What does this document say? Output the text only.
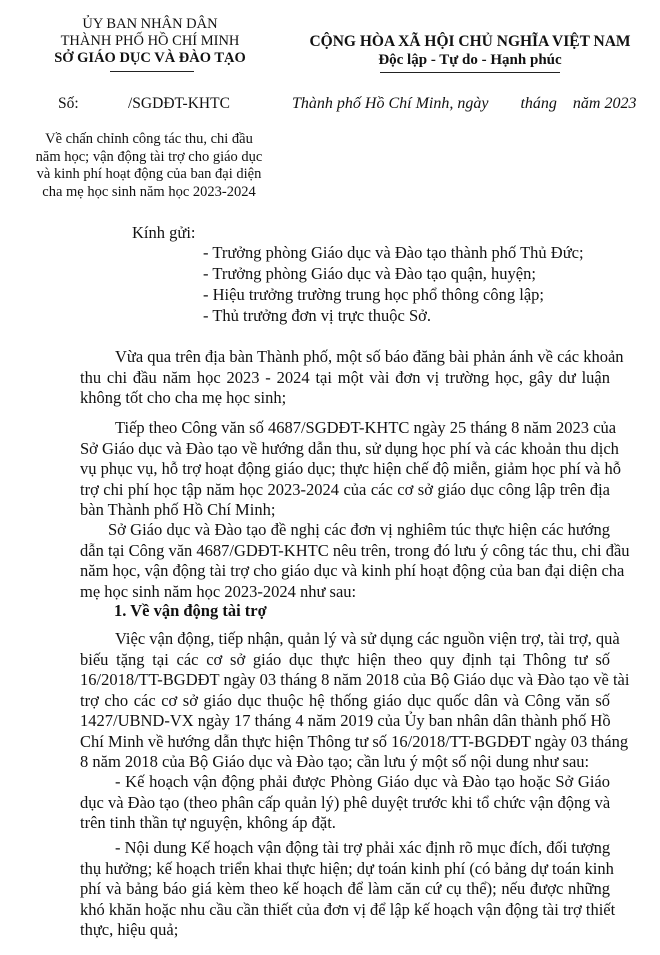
ỦY BAN NHÂN DÂN
THÀNH PHỐ HỒ CHÍ MINH
SỞ GIÁO DỤC VÀ ĐÀO TẠO
CỘNG HÒA XÃ HỘI CHỦ NGHĨA VIỆT NAM
Độc lập - Tự do - Hạnh phúc
Số:	/SGDĐT-KHTC	Thành phố Hồ Chí Minh, ngày        tháng    năm 2023
Về chấn chỉnh công tác thu, chi đầu
năm học; vận động tài trợ cho giáo dục
và kinh phí hoạt động của ban đại diện
cha mẹ học sinh năm học 2023-2024
Kính gửi:
- Trưởng phòng Giáo dục và Đào tạo thành phố Thủ Đức;
- Trưởng phòng Giáo dục và Đào tạo quận, huyện;
- Hiệu trưởng trường trung học phổ thông công lập;
- Thủ trưởng đơn vị trực thuộc Sở.
Vừa qua trên địa bàn Thành phố, một số báo đăng bài phản ánh về các khoản
thu chi đầu năm học 2023 - 2024 tại một vài đơn vị trường học, gây dư luận
không tốt cho cha mẹ học sinh;
Tiếp theo Công văn số 4687/SGDĐT-KHTC ngày 25 tháng 8 năm 2023 của
Sở Giáo dục và Đào tạo về hướng dẫn thu, sử dụng học phí và các khoản thu dịch
vụ phục vụ, hỗ trợ hoạt động giáo dục; thực hiện chế độ miễn, giảm học phí và hỗ
trợ chi phí học tập năm học 2023-2024 của các cơ sở giáo dục công lập trên địa
bàn Thành phố Hồ Chí Minh;
Sở Giáo dục và Đào tạo đề nghị các đơn vị nghiêm túc thực hiện các hướng
dẫn tại Công văn 4687/GDĐT-KHTC nêu trên, trong đó lưu ý công tác thu, chi đầu
năm học, vận động tài trợ cho giáo dục và kinh phí hoạt động của ban đại diện cha
mẹ học sinh năm học 2023-2024 như sau:
1. Về vận động tài trợ
Việc vận động, tiếp nhận, quản lý và sử dụng các nguồn viện trợ, tài trợ, quà
biếu tặng tại các cơ sở giáo dục thực hiện theo quy định tại Thông tư số
16/2018/TT-BGDĐT ngày 03 tháng 8 năm 2018 của Bộ Giáo dục và Đào tạo về tài
trợ cho các cơ sở giáo dục thuộc hệ thống giáo dục quốc dân và Công văn số
1427/UBND-VX ngày 17 tháng 4 năm 2019 của Ủy ban nhân dân thành phố Hồ
Chí Minh về hướng dẫn thực hiện Thông tư số 16/2018/TT-BGDĐT ngày 03 tháng
8 năm 2018 của Bộ Giáo dục và Đào tạo; cần lưu ý một số nội dung như sau:
- Kế hoạch vận động phải được Phòng Giáo dục và Đào tạo hoặc Sở Giáo
dục và Đào tạo (theo phân cấp quản lý) phê duyệt trước khi tổ chức vận động và
trên tinh thần tự nguyện, không áp đặt.
- Nội dung Kế hoạch vận động tài trợ phải xác định rõ mục đích, đối tượng
thụ hưởng; kế hoạch triển khai thực hiện; dự toán kinh phí (có bảng dự toán kinh
phí và bảng báo giá kèm theo kế hoạch để làm căn cứ cụ thể); nếu được những
khó khăn hoặc nhu cầu cần thiết của đơn vị để lập kế hoạch vận động tài trợ thiết
thực, hiệu quả;
